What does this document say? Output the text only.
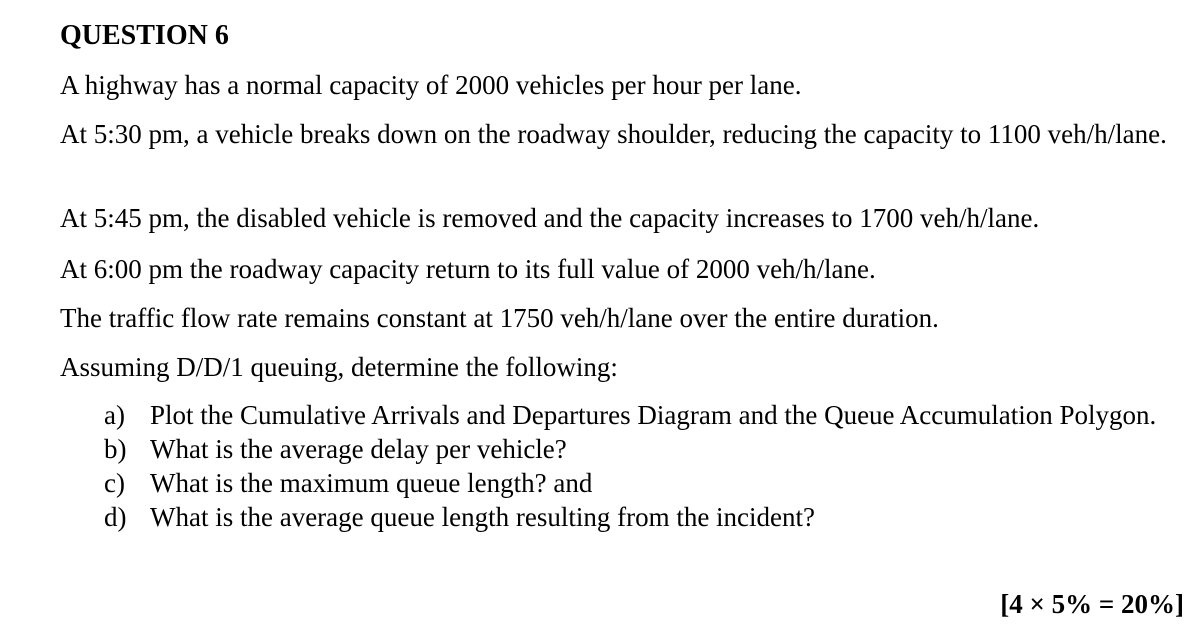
QUESTION 6

A highway has a normal capacity of 2000 vehicles per hour per lane.

At 5:30 pm, a vehicle breaks down on the roadway shoulder, reducing the capacity to 1100 veh/h/lane.

At 5:45 pm, the disabled vehicle is removed and the capacity increases to 1700 veh/h/lane.

At 6:00 pm the roadway capacity return to its full value of 2000 veh/h/lane.

The traffic flow rate remains constant at 1750 veh/h/lane over the entire duration.

Assuming D/D/1 queuing, determine the following:

a) Plot the Cumulative Arrivals and Departures Diagram and the Queue Accumulation Polygon.
b) What is the average delay per vehicle?
c) What is the maximum queue length? and
d) What is the average queue length resulting from the incident?

[4 × 5% = 20%]
